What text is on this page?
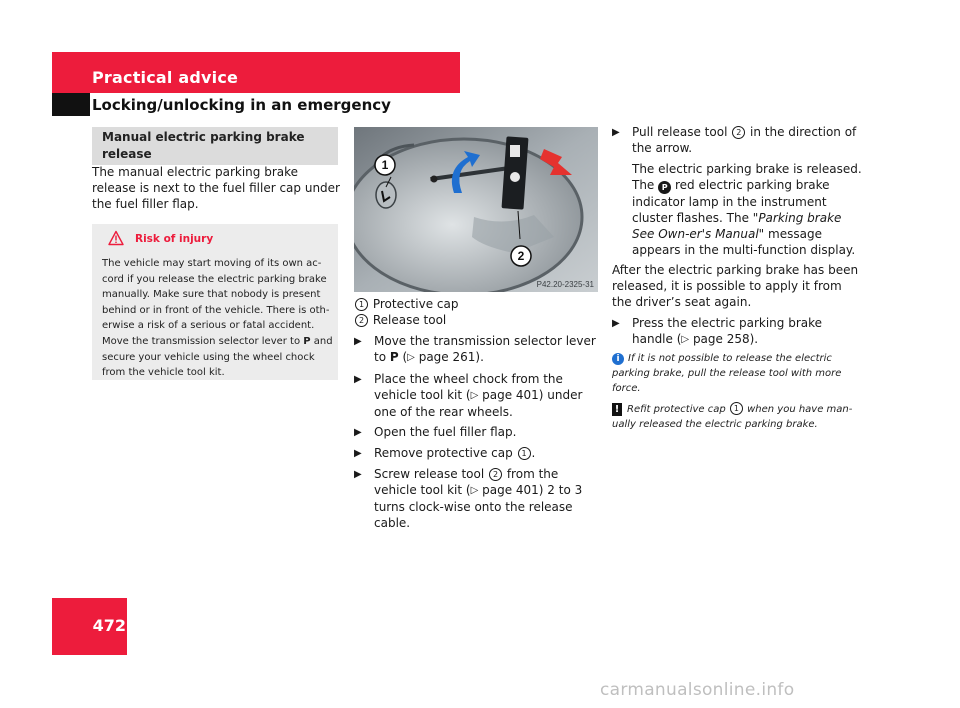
Practical advice
Locking/unlocking in an emergency
472
Manual electric parking brake release
The manual electric parking brake release is next to the fuel filler cap under the fuel filler flap.
Risk of injury
The vehicle may start moving of its own ac-cord if you release the electric parking brake manually. Make sure that nobody is present behind or in front of the vehicle. There is oth-erwise a risk of a serious or fatal accident. Move the transmission selector lever to P and secure your vehicle using the wheel chock from the vehicle tool kit.
1
2
P42.20-2325-31
1 Protective cap
2 Release tool
▶	Move the transmission selector lever to P (▷ page 261).
▶	Place the wheel chock from the vehicle tool kit (▷ page 401) under one of the rear wheels.
▶	Open the fuel filler flap.
▶	Remove protective cap 1 .
▶	Screw release tool 2 from the vehicle tool kit (▷ page 401) 2 to 3 turns clock-wise onto the release cable.
▶	Pull release tool 2 in the direction of the arrow.
The electric parking brake is released. The P red electric parking brake indicator lamp in the instrument cluster flashes. The "Parking brake See Own-er's Manual" message appears in the multi-function display.
After the electric parking brake has been released, it is possible to apply it from the driver’s seat again.
▶	Press the electric parking brake handle (▷ page 258).
i If it is not possible to release the electric parking brake, pull the release tool with more force.
! Refit protective cap 1 when you have man-ually released the electric parking brake.
carmanualsonline.info
